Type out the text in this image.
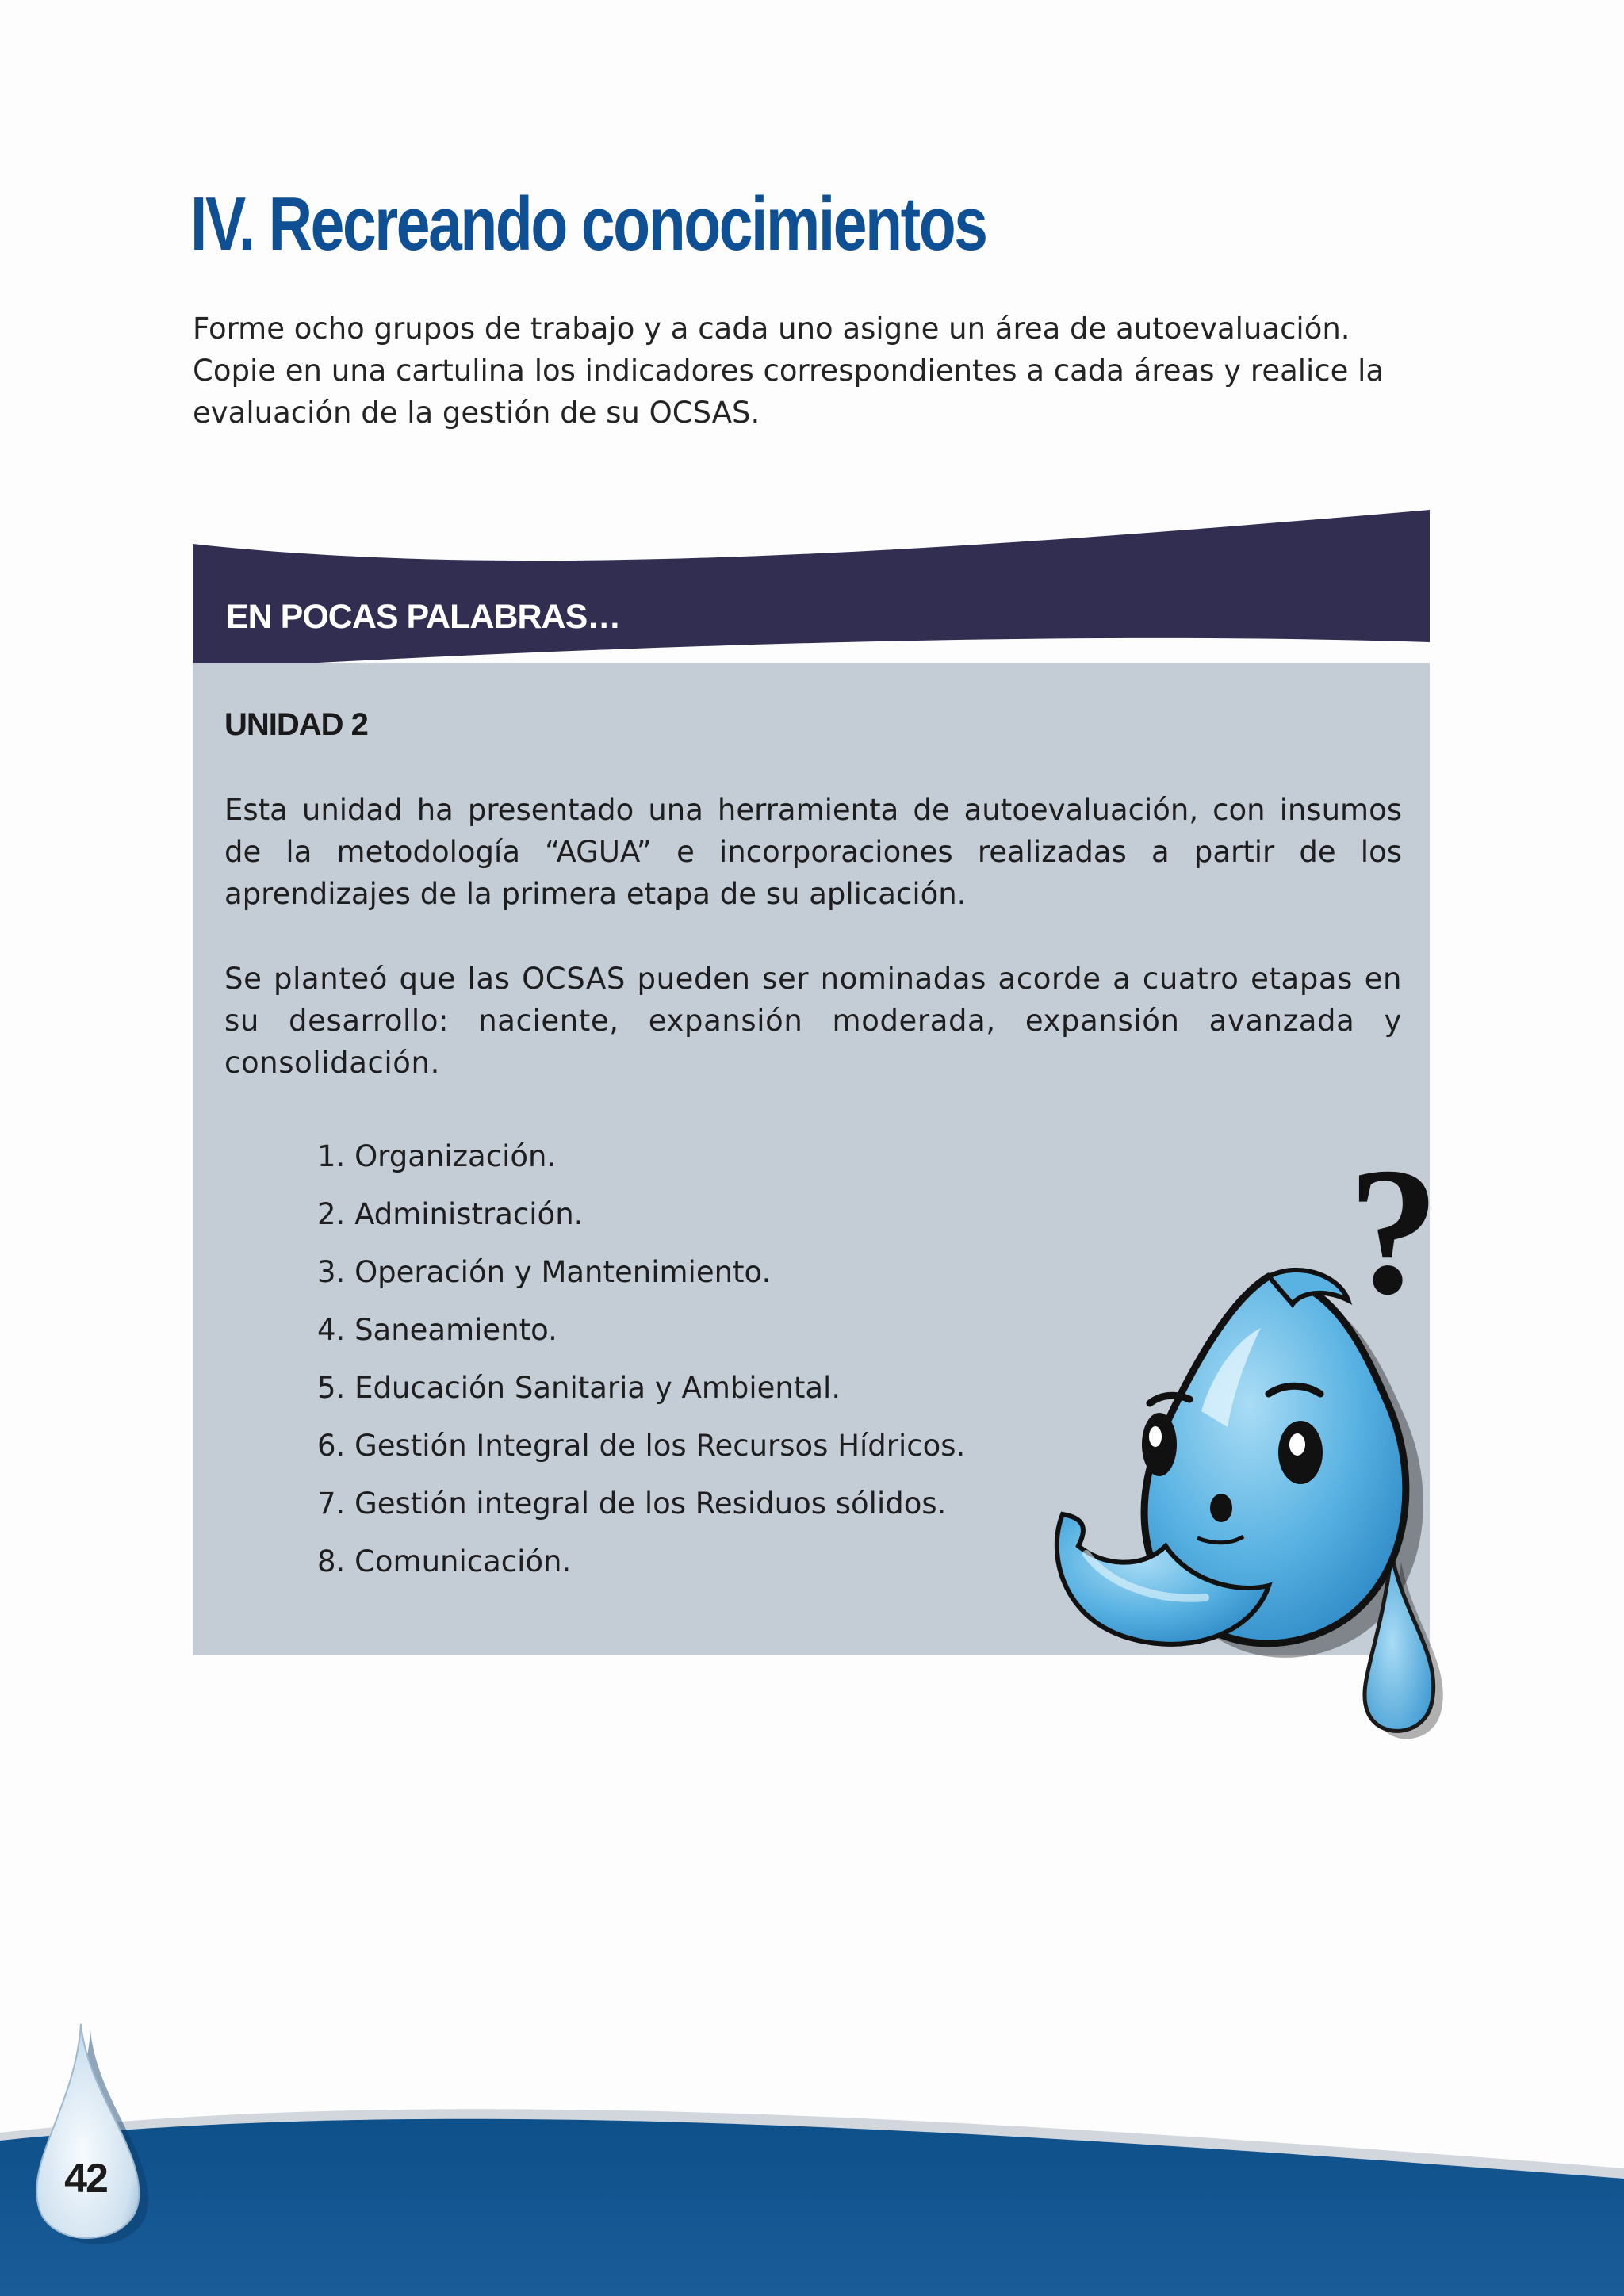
IV. Recreando conocimientos

Forme ocho grupos de trabajo y a cada uno asigne un área de autoevaluación.

Copie en una cartulina los indicadores correspondientes a cada áreas y realice la evaluación de la gestión de su OCSAS.

EN POCAS PALABRAS…
UNIDAD 2

Esta unidad ha presentado una herramienta de autoevaluación, con insumos de la metodología “AGUA” e incorporaciones realizadas a partir de los aprendizajes de la primera etapa de su aplicación.

Se planteó que las OCSAS pueden ser nominadas acorde a cuatro etapas en su desarrollo: naciente, expansión moderada, expansión avanzada y consolidación.

1. Organización.
2. Administración.
3. Operación y Mantenimiento.
4. Saneamiento.
5. Educación Sanitaria y Ambiental.
6. Gestión Integral de los Recursos Hídricos.
7. Gestión integral de los Residuos sólidos.
8. Comunicación.
?
42
